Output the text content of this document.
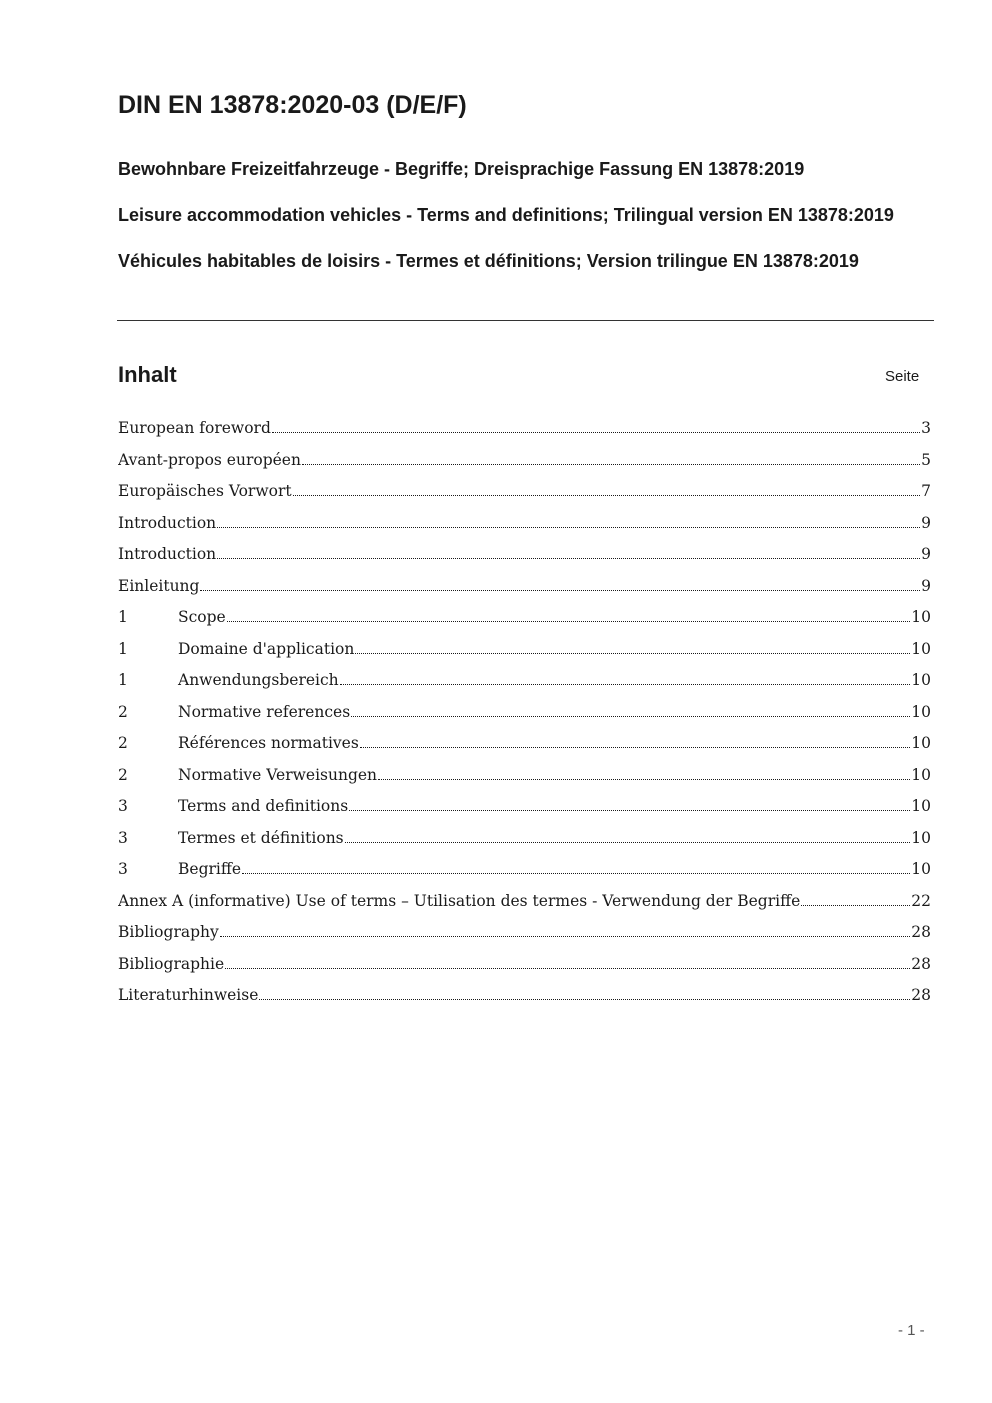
DIN EN 13878:2020-03 (D/E/F)

Bewohnbare Freizeitfahrzeuge - Begriffe; Dreisprachige Fassung EN 13878:2019

Leisure accommodation vehicles - Terms and definitions; Trilingual version EN 13878:2019

Véhicules habitables de loisirs - Termes et définitions; Version trilingue EN 13878:2019

Inhalt	Seite
European foreword	3
Avant-propos européen	5
Europäisches Vorwort	7
Introduction	9
Introduction	9
Einleitung	9
1	Scope	10
1	Domaine d'application	10
1	Anwendungsbereich	10
2	Normative references	10
2	Références normatives	10
2	Normative Verweisungen	10
3	Terms and definitions	10
3	Termes et définitions	10
3	Begriffe	10
Annex A (informative) Use of terms – Utilisation des termes - Verwendung der Begriffe	22
Bibliography	28
Bibliographie	28
Literaturhinweise	28
- 1 -
